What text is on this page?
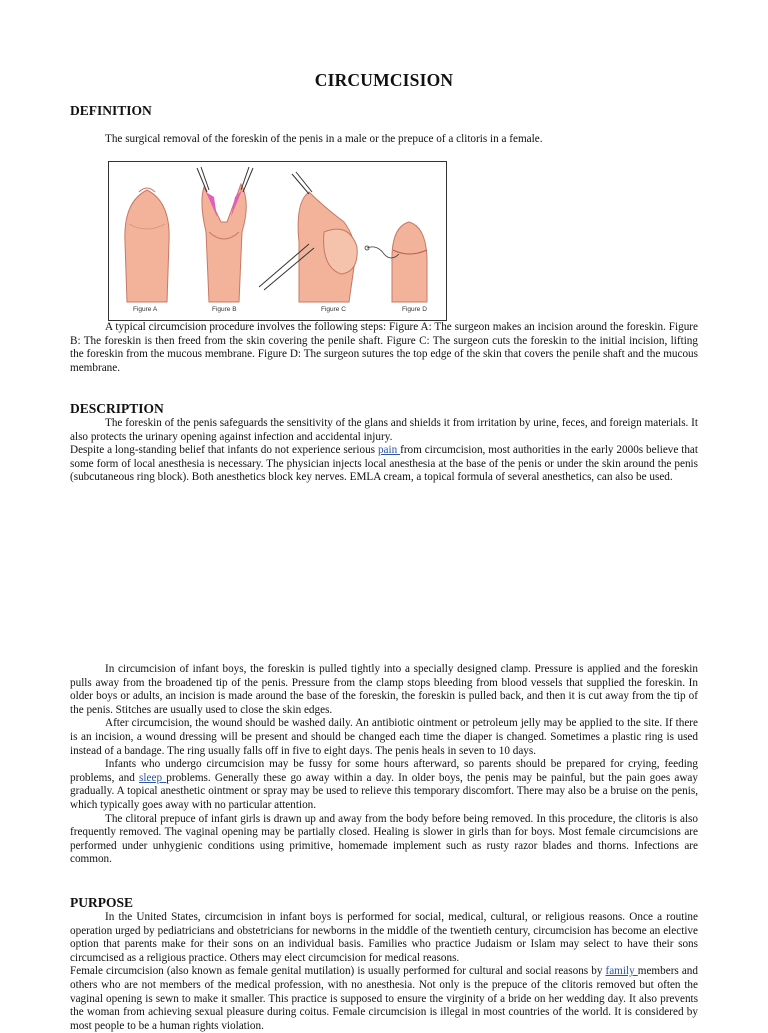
CIRCUMCISION
DEFINITION

The surgical removal of the foreskin of the penis in a male or the prepuce of a clitoris in a female.

Figure A	Figure B	Figure C	Figure D

A typical circumcision procedure involves the following steps: Figure A: The surgeon makes an incision around the foreskin. Figure B: The foreskin is then freed from the skin covering the penile shaft. Figure C: The surgeon cuts the foreskin to the initial incision, lifting the foreskin from the mucous membrane. Figure D: The surgeon sutures the top edge of the skin that covers the penile shaft and the mucous membrane.

DESCRIPTION

The foreskin of the penis safeguards the sensitivity of the glans and shields it from irritation by urine, feces, and foreign materials. It also protects the urinary opening against infection and accidental injury.

Despite a long-standing belief that infants do not experience serious pain from circumcision, most authorities in the early 2000s believe that some form of local anesthesia is necessary. The physician injects local anesthesia at the base of the penis or under the skin around the penis (subcutaneous ring block). Both anesthetics block key nerves. EMLA cream, a topical formula of several anesthetics, can also be used.

In circumcision of infant boys, the foreskin is pulled tightly into a specially designed clamp. Pressure is applied and the foreskin pulls away from the broadened tip of the penis. Pressure from the clamp stops bleeding from blood vessels that supplied the foreskin. In older boys or adults, an incision is made around the base of the foreskin, the foreskin is pulled back, and then it is cut away from the tip of the penis. Stitches are usually used to close the skin edges.

After circumcision, the wound should be washed daily. An antibiotic ointment or petroleum jelly may be applied to the site. If there is an incision, a wound dressing will be present and should be changed each time the diaper is changed. Sometimes a plastic ring is used instead of a bandage. The ring usually falls off in five to eight days. The penis heals in seven to 10 days.

Infants who undergo circumcision may be fussy for some hours afterward, so parents should be prepared for crying, feeding problems, and sleep problems. Generally these go away within a day. In older boys, the penis may be painful, but the pain goes away gradually. A topical anesthetic ointment or spray may be used to relieve this temporary discomfort. There may also be a bruise on the penis, which typically goes away with no particular attention.

The clitoral prepuce of infant girls is drawn up and away from the body before being removed. In this procedure, the clitoris is also frequently removed. The vaginal opening may be partially closed. Healing is slower in girls than for boys. Most female circumcisions are performed under unhygienic conditions using primitive, homemade implement such as rusty razor blades and thorns. Infections are common.

PURPOSE

In the United States, circumcision in infant boys is performed for social, medical, cultural, or religious reasons. Once a routine operation urged by pediatricians and obstetricians for newborns in the middle of the twentieth century, circumcision has become an elective option that parents make for their sons on an individual basis. Families who practice Judaism or Islam may select to have their sons circumcised as a religious practice. Others may elect circumcision for medical reasons.

Female circumcision (also known as female genital mutilation) is usually performed for cultural and social reasons by family members and others who are not members of the medical profession, with no anesthesia. Not only is the prepuce of the clitoris removed but often the vaginal opening is sewn to make it smaller. This practice is supposed to ensure the virginity of a bride on her wedding day. It also prevents the woman from achieving sexual pleasure during coitus. Female circumcision is illegal in most countries of the world. It is considered by most people to be a human rights violation.
